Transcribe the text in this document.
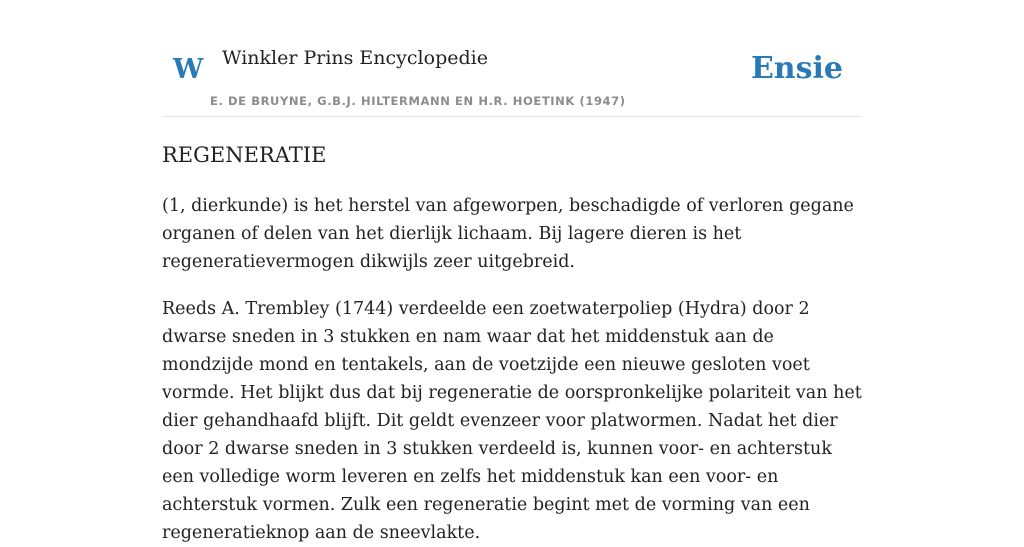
W Winkler Prins Encyclopedie
E. DE BRUYNE, G.B.J. HILTERMANN EN H.R. HOETINK (1947)
Ensie
REGENERATIE

(1, dierkunde) is het herstel van afgeworpen, beschadigde of verloren gegane organen of delen van het dierlijk lichaam. Bij lagere dieren is het regeneratievermogen dikwijls zeer uitgebreid.

Reeds A. Trembley (1744) verdeelde een zoetwaterpoliep (Hydra) door 2 dwarse sneden in 3 stukken en nam waar dat het middenstuk aan de mondzijde mond en tentakels, aan de voetzijde een nieuwe gesloten voet vormde. Het blijkt dus dat bij regeneratie de oorspronkelijke polariteit van het dier gehandhaafd blijft. Dit geldt evenzeer voor platwormen. Nadat het dier door 2 dwarse sneden in 3 stukken verdeeld is, kunnen voor- en achterstuk een volledige worm leveren en zelfs het middenstuk kan een voor- en achterstuk vormen. Zulk een regeneratie begint met de vorming van een regeneratieknop aan de sneevlakte.
